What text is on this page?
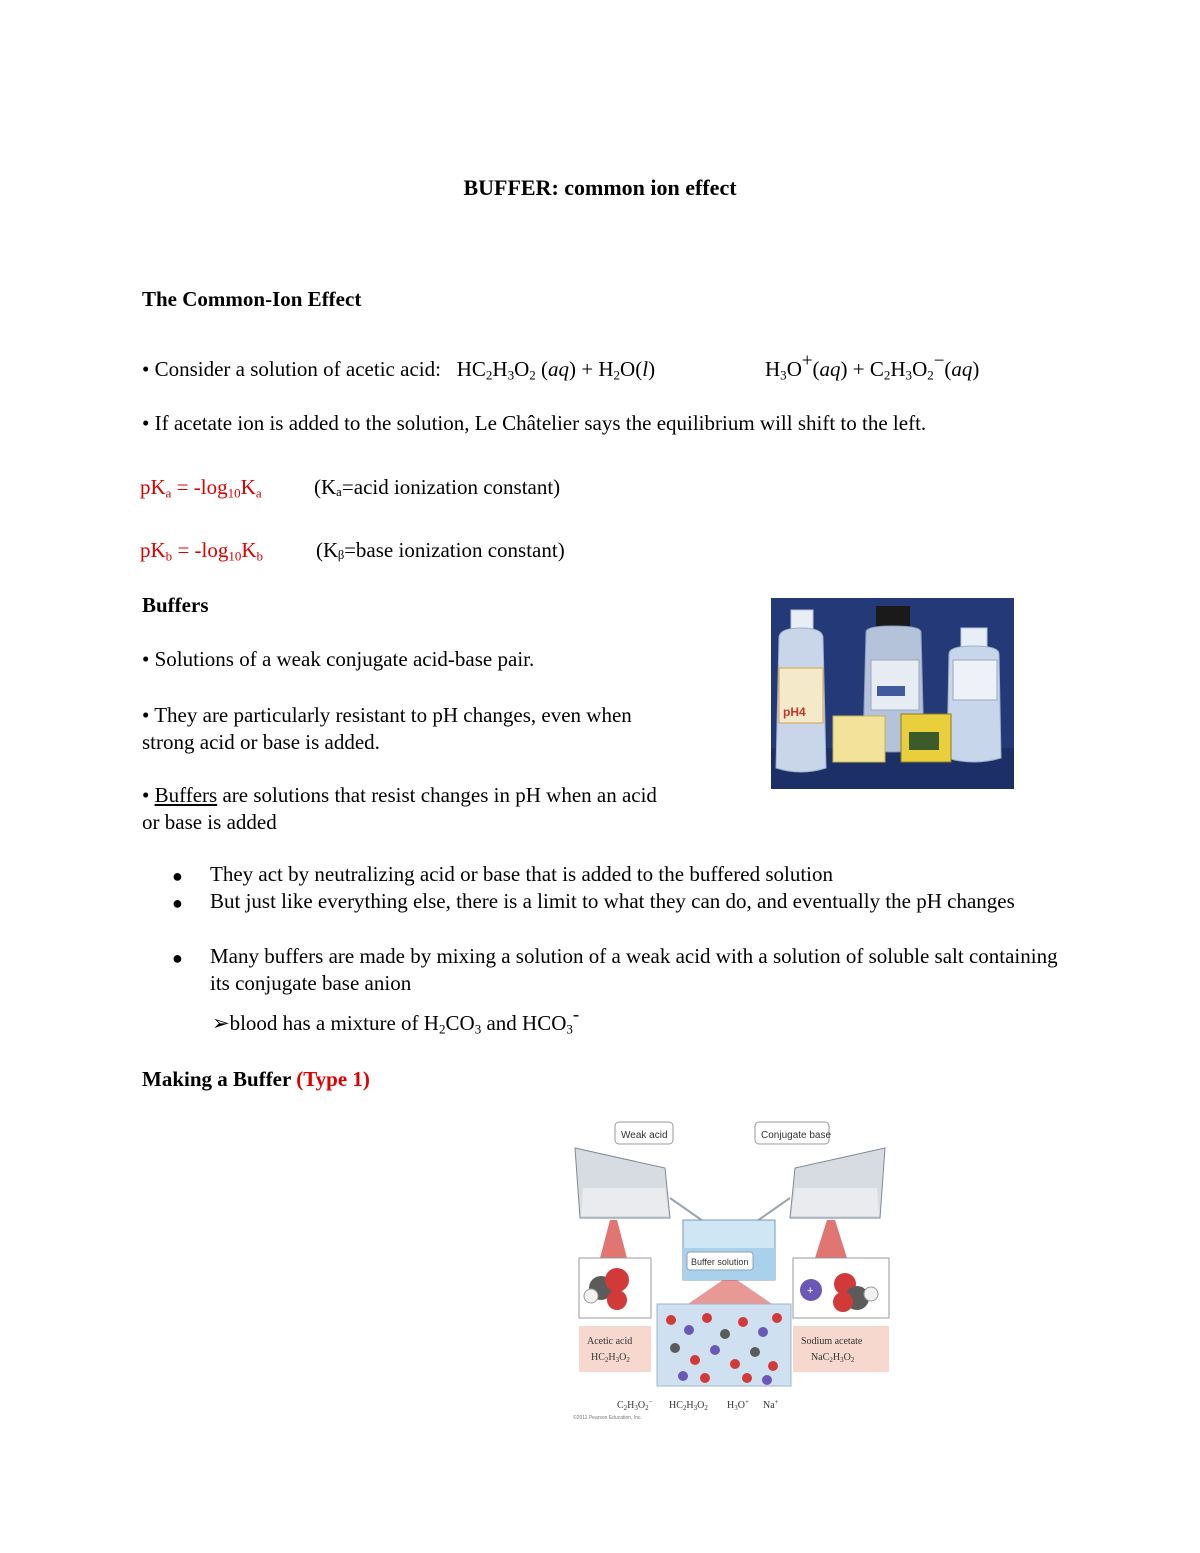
BUFFER: common ion effect
The Common-Ion Effect
• Consider a solution of acetic acid:   $HC_2H_3O_2$ $(aq) + H_2O(l)$	$H_3O^+(aq) + C_2H_3O_2^-(aq)$
• If acetate ion is added to the solution, Le Châtelier says the equilibrium will shift to the left.
$pK_a = -\log_{10}K_a$ (Kₐ=acid ionization constant)
$pK_b = -\log_{10}K_b$	(Kᵦ=base ionization constant)
Buffers
• Solutions of a weak conjugate acid-base pair.
• They are particularly resistant to pH changes, even when
strong acid or base is added.
• Buffers are solutions that resist changes in pH when an acid
or base is added
● They act by neutralizing acid or base that is added to the buffered solution
● But just like everything else, there is a limit to what they can do, and eventually the pH changes
● Many buffers are made by mixing a solution of a weak acid with a solution of soluble salt containing its conjugate base anion
➢blood has a mixture of $H_2CO_3$ and $HCO_3^-$
Making a Buffer (Type 1)
pH4
Weak acid	Conjugate base
Buffer solution
Acetic acid
$HC_2H_3O_2$
+
Sodium acetate
$NaC_2H_3O_2$
$C_2H_3O_2^-$ $HC_2H_3O_2$ $H_3O^+$ Na+
©2011 Pearson Education, Inc.
